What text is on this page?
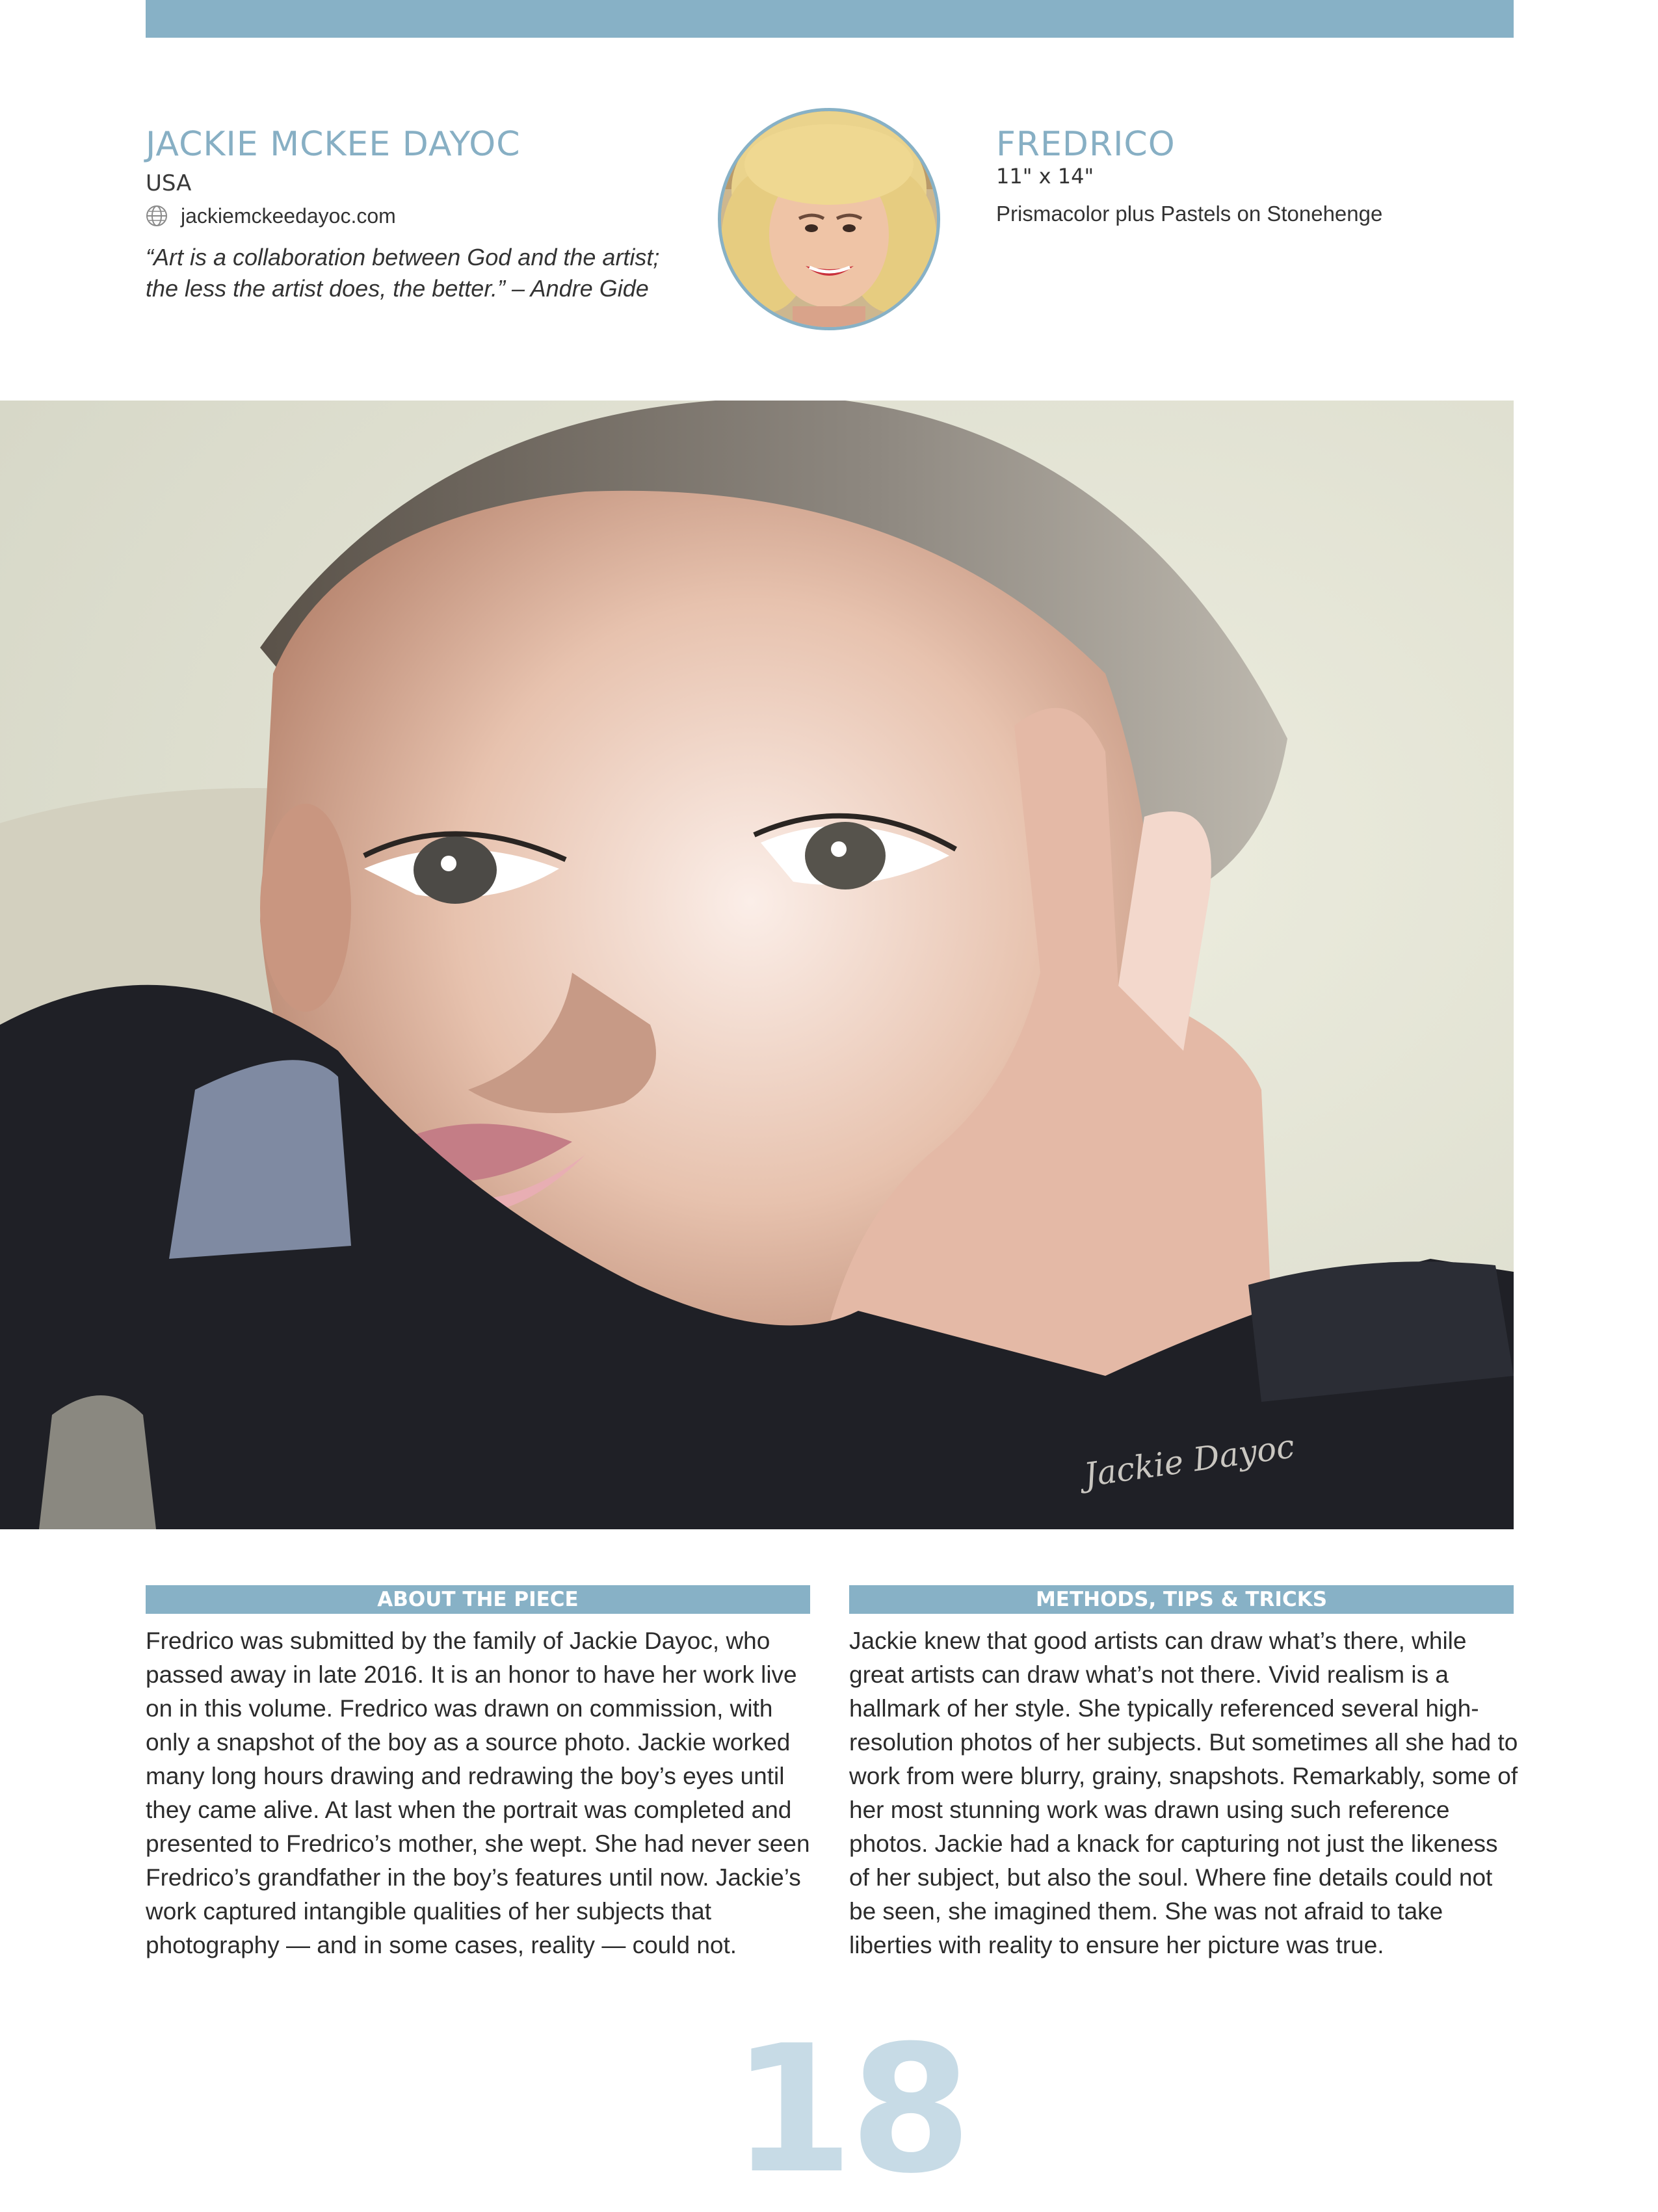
JACKIE MCKEE DAYOC
USA
jackiemckeedayoc.com
“Art is a collaboration between God and the artist;
the less the artist does, the better.” – Andre Gide
FREDRICO
11" x 14"
Prismacolor plus Pastels on Stonehenge
Jackie Dayoc
ABOUT THE PIECE
Fredrico was submitted by the family of Jackie Dayoc, who passed away in late 2016. It is an honor to have her work live on in this volume. Fredrico was drawn on commission, with only a snapshot of the boy as a source photo. Jackie worked many long hours drawing and redrawing the boy’s eyes until they came alive. At last when the portrait was completed and presented to Fredrico’s mother, she wept. She had never seen Fredrico’s grandfather in the boy’s features until now. Jackie’s work captured intangible qualities of her subjects that photography — and in some cases, reality — could not.
METHODS, TIPS & TRICKS
Jackie knew that good artists can draw what’s there, while great artists can draw what’s not there. Vivid realism is a hallmark of her style. She typically referenced several high-resolution photos of her subjects. But sometimes all she had to work from were blurry, grainy, snapshots. Remarkably, some of her most stunning work was drawn using such reference photos. Jackie had a knack for capturing not just the likeness of her subject, but also the soul. Where fine details could not be seen, she imagined them. She was not afraid to take liberties with reality to ensure her picture was true.
18
